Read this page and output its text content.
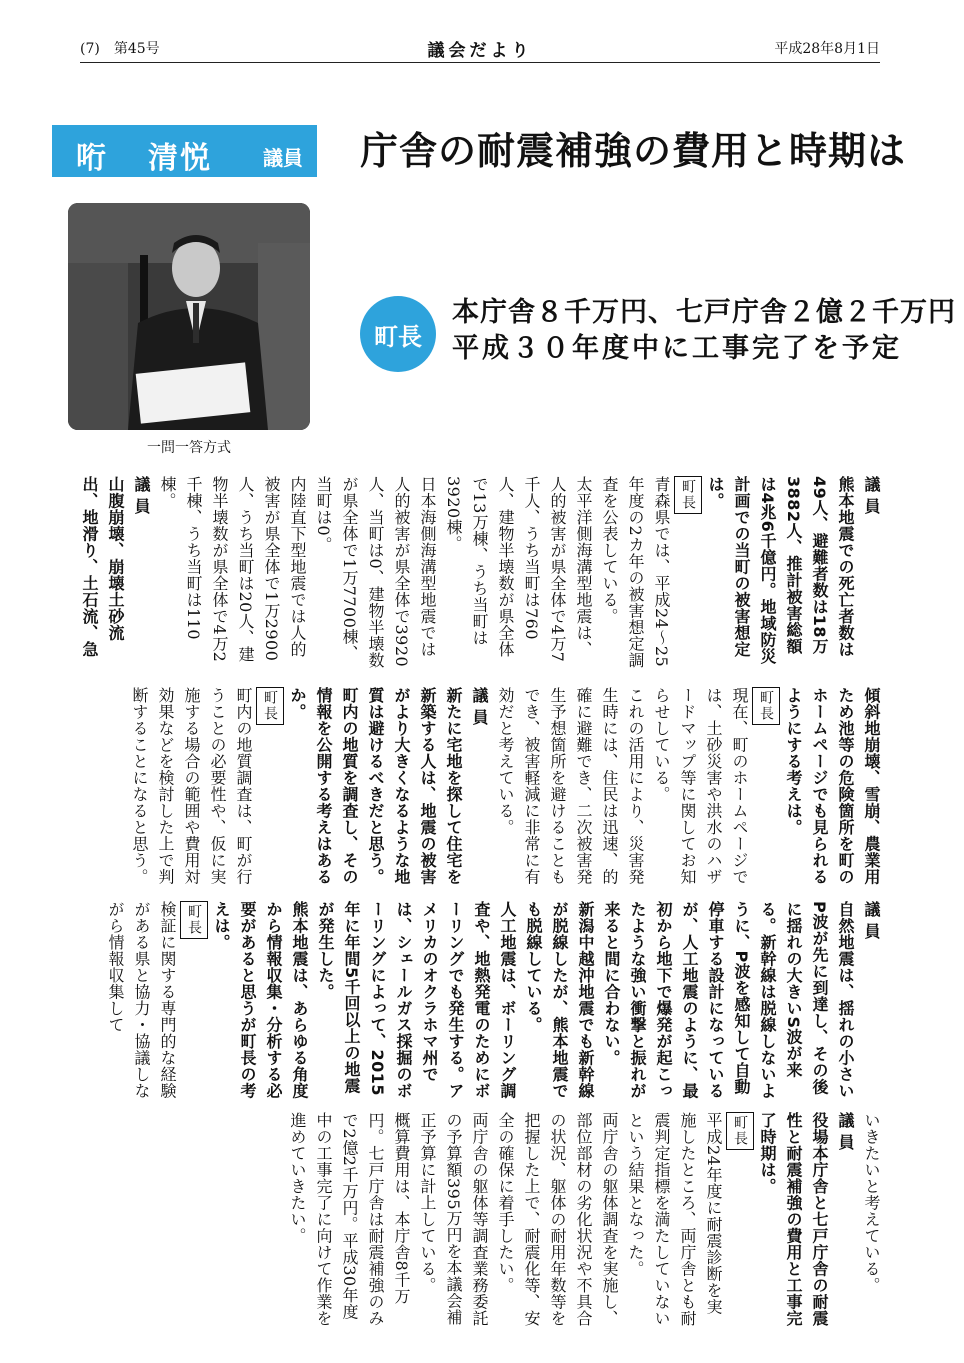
(7)　第45号	議会だより	平成28年8月1日
哘 清悦	議員 庁舎の耐震補強の費用と時期は
一問一答方式
町長
本庁舎８千万円、七戸庁舎２億２千万円
平成３０年度中に工事完了を予定

議員

熊本地震での死亡者数は49人、避難者数は18万3882人、推計被害総額は4兆6千億円。地域防災計画での当町の被害想定は。

町長

青森県では、平成24～25年度の2カ年の被害想定調査を公表している。

太平洋側海溝型地震は、人的被害が県全体で4万7千人、うち当町は760人、建物半壊数が県全体で13万棟、うち当町は3920棟。

日本海側海溝型地震では人的被害が県全体で3920人、当町は0、建物半壊数が県全体で1万7700棟、当町は0。

内陸直下型地震では人的被害が県全体で1万2900人、うち当町は20人、建物半壊数が県全体で4万2千棟、うち当町は110棟。

議員

山腹崩壊、崩壊土砂流出、地滑り、土石流、急

傾斜地崩壊、雪崩、農業用ため池等の危険箇所を町のホームページでも見られるようにする考えは。

町長

現在、町のホームページでは、土砂災害や洪水のハザードマップ等に関してお知らせしている。

これの活用により、災害発生時には、住民は迅速、的確に避難でき、二次被害発生予想箇所を避けることもでき、被害軽減に非常に有効だと考えている。

議員

新たに宅地を探して住宅を新築する人は、地震の被害がより大きくなるような地質は避けるべきだと思う。町内の地質を調査し、その情報を公開する考えはあるか。

町長

町内の地質調査は、町が行うことの必要性や、仮に実施する場合の範囲や費用対効果などを検討した上で判断することになると思う。

議員

自然地震は、揺れの小さいP波が先に到達し、その後に揺れの大きいS波が来る。新幹線は脱線しないように、P波を感知して自動停車する設計になっているが、人工地震のように、最初から地下で爆発が起こったような強い衝撃と振れが来ると間に合わない。

新潟中越沖地震でも新幹線が脱線したが、熊本地震でも脱線している。

人工地震は、ボーリング調査や、地熱発電のためにボーリングでも発生する。アメリカのオクラホマ州では、シェールガス採掘のボーリングによって、2015年に年間5千回以上の地震が発生した。

熊本地震は、あらゆる角度から情報収集・分析する必要があると思うが町長の考えは。

町長

検証に関する専門的な経験がある県と協力・協議しながら情報収集して

いきたいと考えている。

議員

役場本庁舎と七戸庁舎の耐震性と耐震補強の費用と工事完了時期は。

町長

平成24年度に耐震診断を実施したところ、両庁舎とも耐震判定指標を満たしていないという結果となった。

両庁舎の躯体調査を実施し、部位部材の劣化状況や不具合の状況、躯体の耐用年数等を把握した上で、耐震化等、安全の確保に着手したい。

両庁舎の躯体等調査業務委託の予算額395万円を本議会補正予算に計上している。

概算費用は、本庁舎8千万円。七戸庁舎は耐震補強のみで2億2千万円。平成30年度中の工事完了に向けて作業を進めていきたい。
